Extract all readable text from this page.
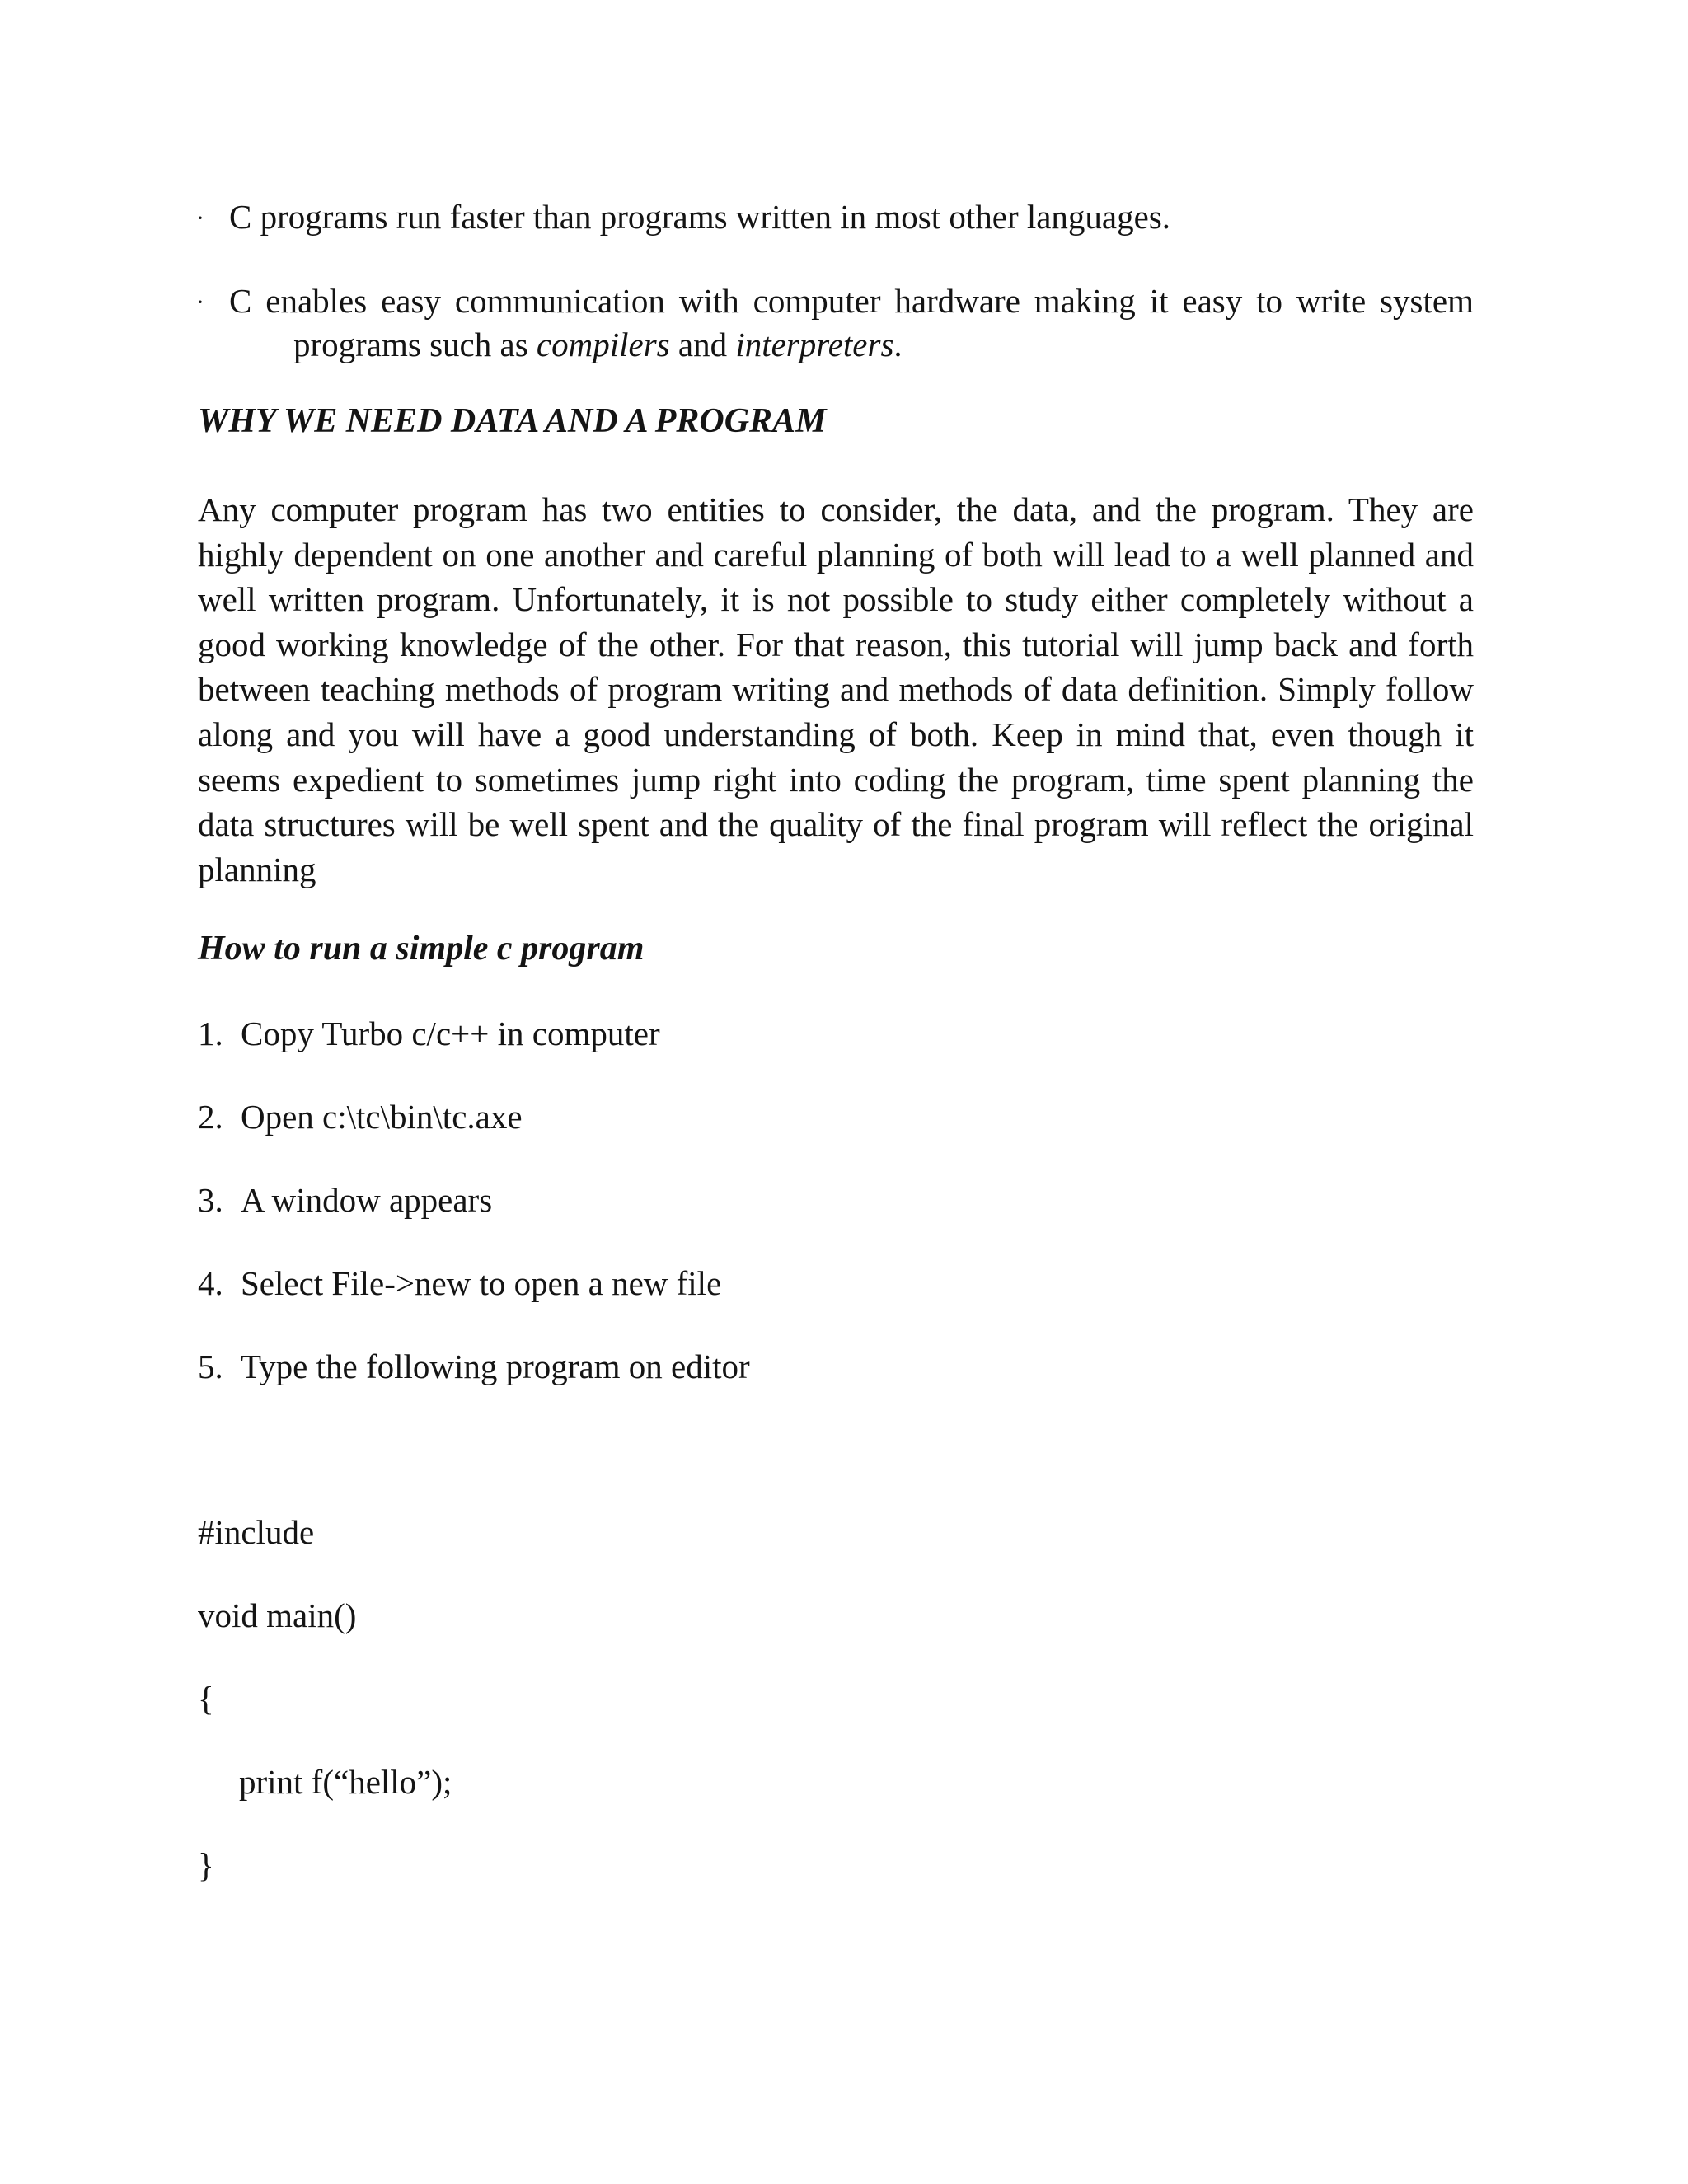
· C programs run faster than programs written in most other languages.
· C enables easy communication with computer hardware making it easy to write system
programs such as compilers and interpreters.
WHY WE NEED DATA AND A PROGRAM
Any computer program has two entities to consider, the data, and the program. They are
highly dependent on one another and careful planning of both will lead to a well planned and
well written program. Unfortunately, it is not possible to study either completely without a
good working knowledge of the other. For that reason, this tutorial will jump back and forth
between teaching methods of program writing and methods of data definition. Simply follow
along and you will have a good understanding of both. Keep in mind that, even though it
seems expedient to sometimes jump right into coding the program, time spent planning the
data structures will be well spent and the quality of the final program will reflect the original
planning
How to run a simple c program
1. Copy Turbo c/c++ in computer
2. Open c:\tc\bin\tc.axe
3. A window appears
4. Select File->new to open a new file
5. Type the following program on editor
#include
void main()
{
print f(“hello”);
}
